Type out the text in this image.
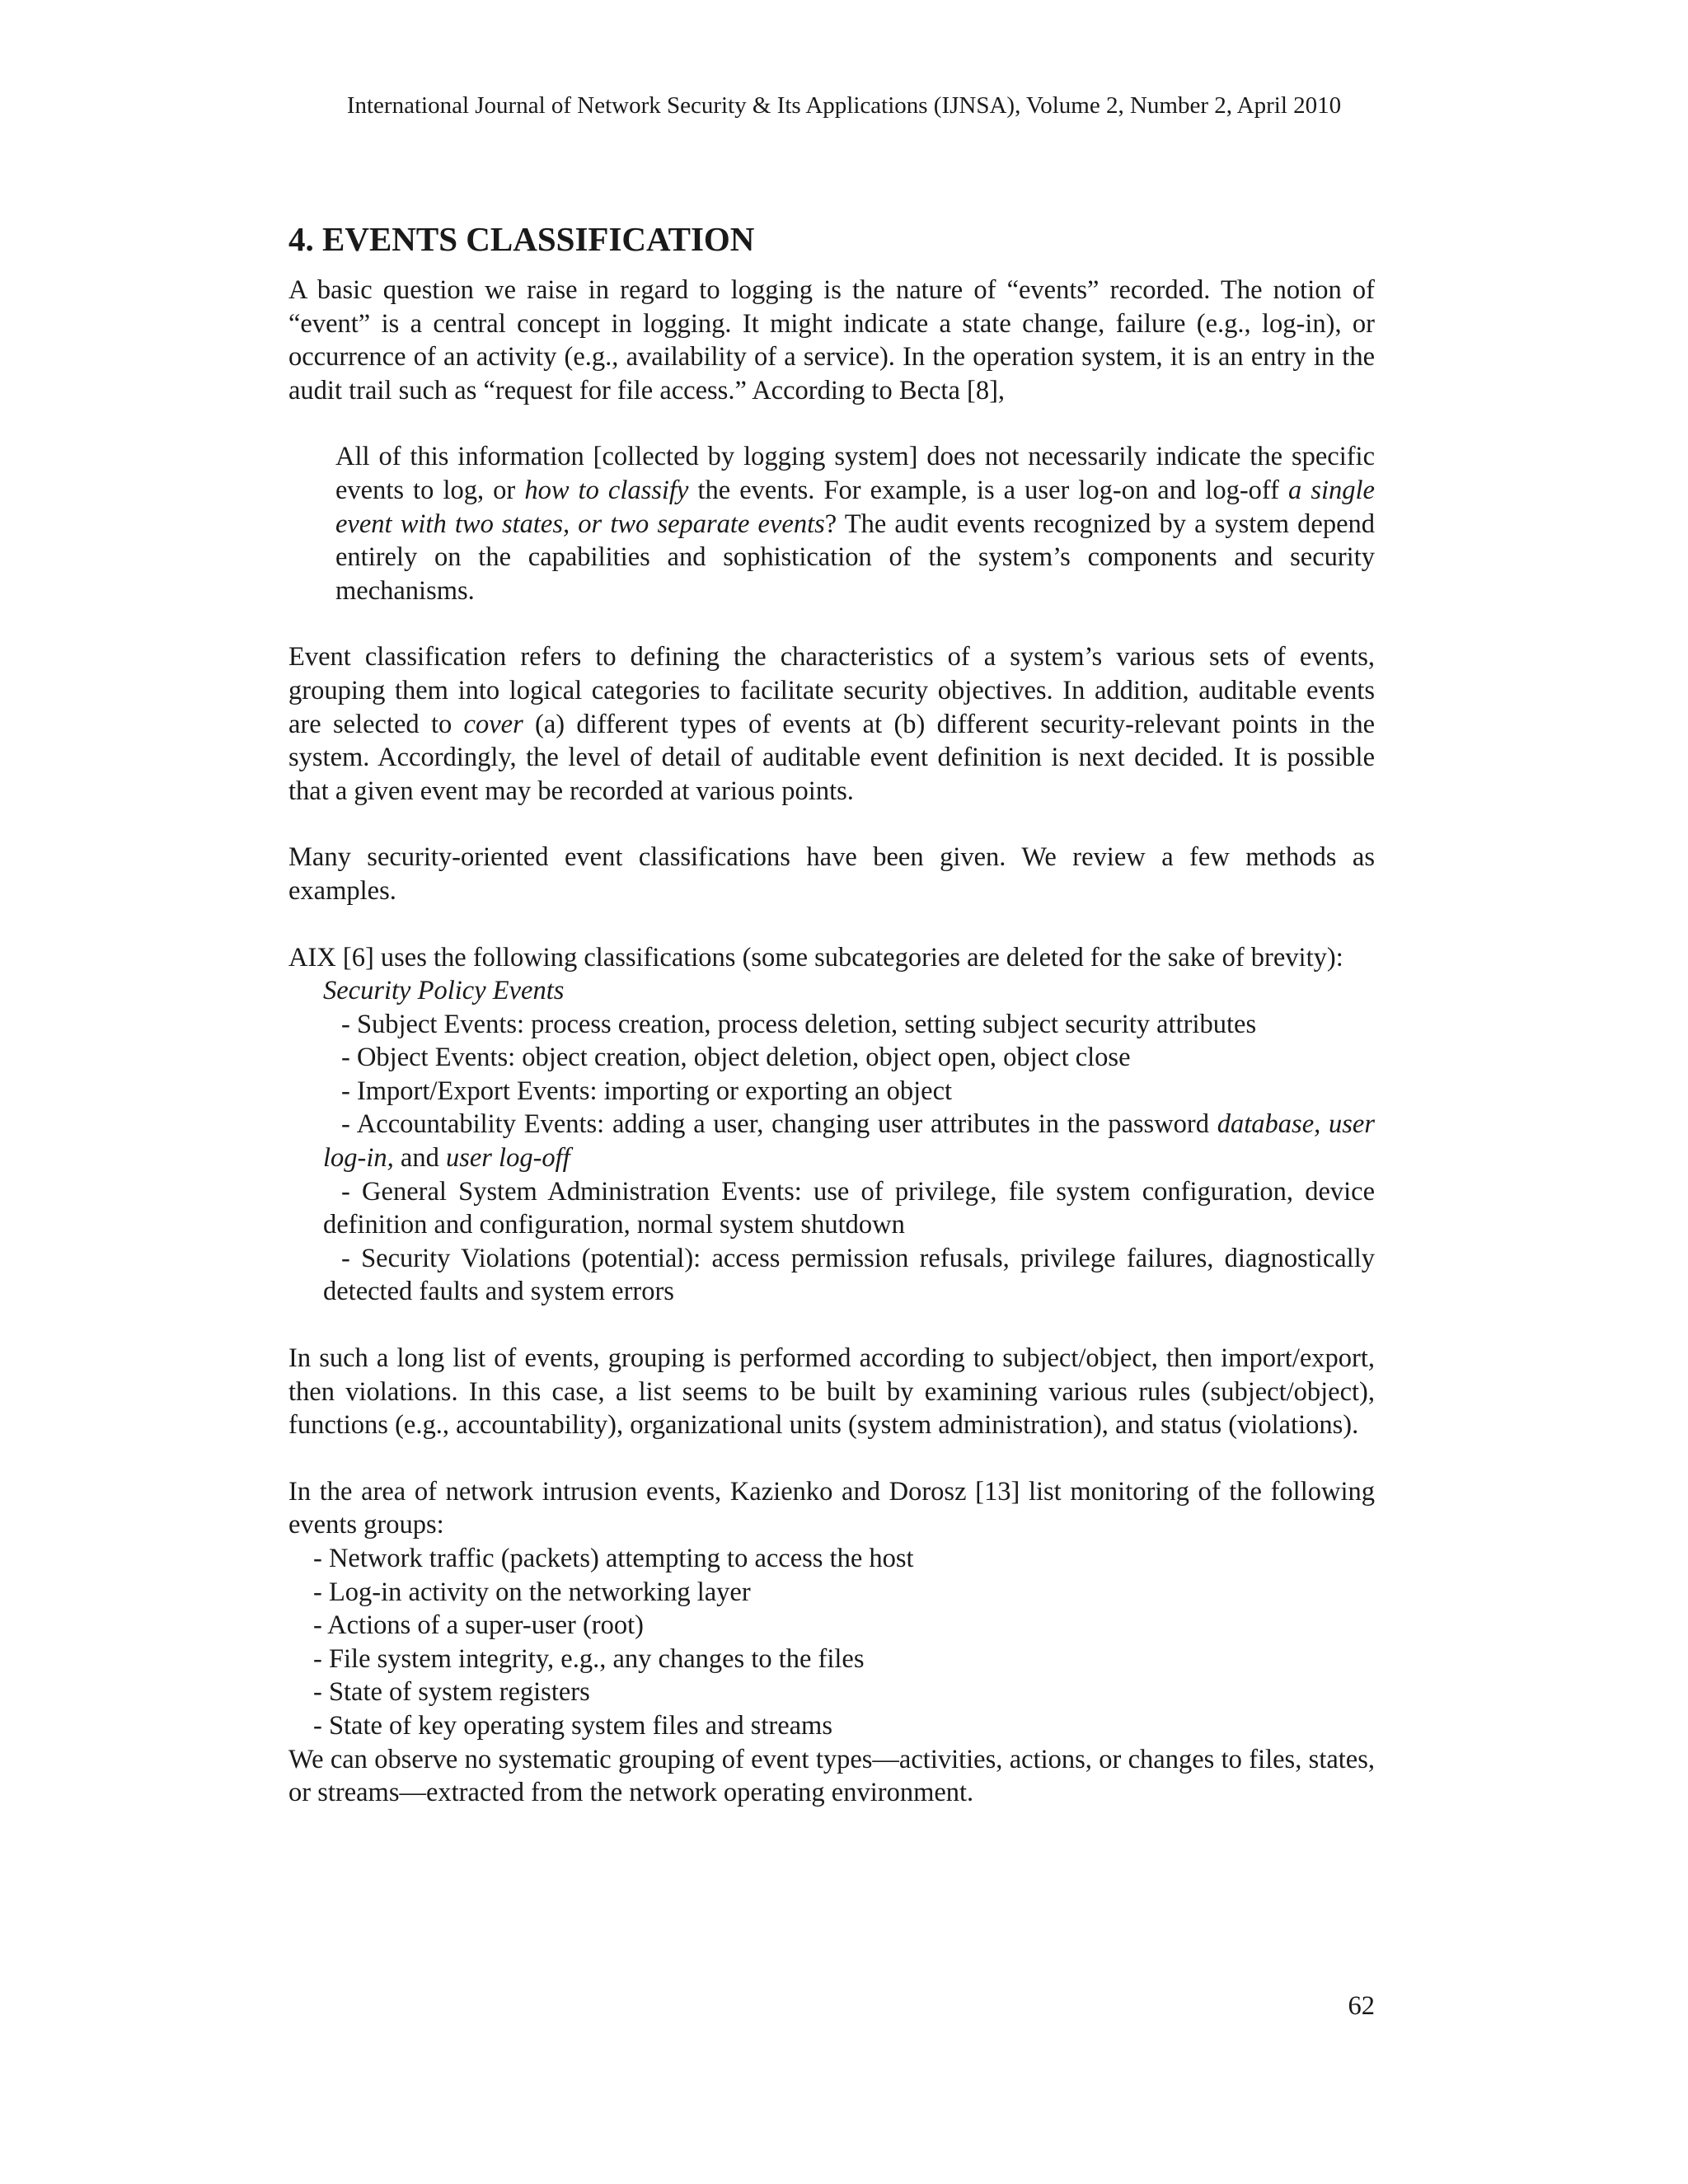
International Journal of Network Security & Its Applications (IJNSA), Volume 2, Number 2, April 2010
4. EVENTS CLASSIFICATION

A basic question we raise in regard to logging is the nature of “events” recorded. The notion of “event” is a central concept in logging. It might indicate a state change, failure (e.g., log-in), or occurrence of an activity (e.g., availability of a service). In the operation system, it is an entry in the audit trail such as “request for file access.” According to Becta [8],

All of this information [collected by logging system] does not necessarily indicate the specific events to log, or how to classify the events. For example, is a user log-on and log-off a single event with two states, or two separate events? The audit events recognized by a system depend entirely on the capabilities and sophistication of the system’s components and security mechanisms.

Event classification refers to defining the characteristics of a system’s various sets of events, grouping them into logical categories to facilitate security objectives. In addition, auditable events are selected to cover (a) different types of events at (b) different security-relevant points in the system. Accordingly, the level of detail of auditable event definition is next decided. It is possible that a given event may be recorded at various points.

Many security-oriented event classifications have been given. We review a few methods as examples.

AIX [6] uses the following classifications (some subcategories are deleted for the sake of brevity):

Security Policy Events
- Subject Events: process creation, process deletion, setting subject security attributes
- Object Events: object creation, object deletion, object open, object close
- Import/Export Events: importing or exporting an object
- Accountability Events: adding a user, changing user attributes in the password database, user log-in, and user log-off
- General System Administration Events: use of privilege, file system configuration, device definition and configuration, normal system shutdown
- Security Violations (potential): access permission refusals, privilege failures, diagnostically detected faults and system errors

In such a long list of events, grouping is performed according to subject/object, then import/export, then violations. In this case, a list seems to be built by examining various rules (subject/object), functions (e.g., accountability), organizational units (system administration), and status (violations).

In the area of network intrusion events, Kazienko and Dorosz [13] list monitoring of the following events groups:

- Network traffic (packets) attempting to access the host
- Log-in activity on the networking layer
- Actions of a super-user (root)
- File system integrity, e.g., any changes to the files
- State of system registers
- State of key operating system files and streams

We can observe no systematic grouping of event types—activities, actions, or changes to files, states, or streams—extracted from the network operating environment.

62
